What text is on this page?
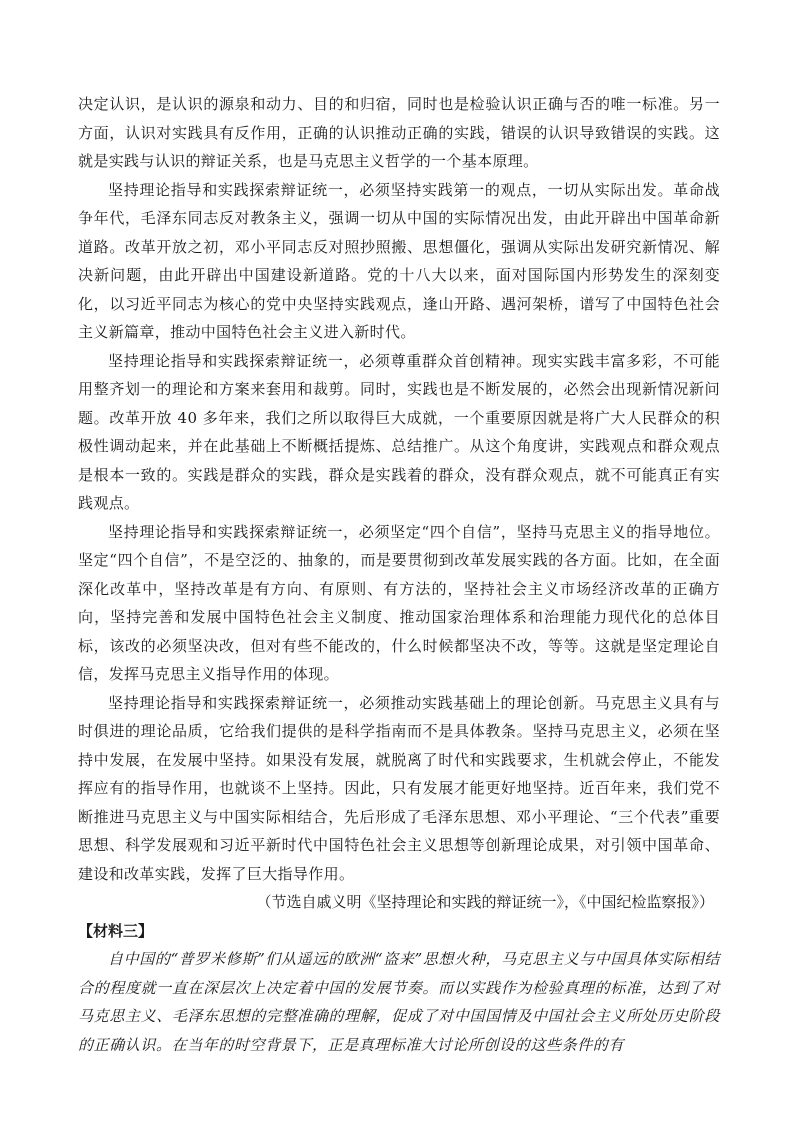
决定认识，是认识的源泉和动力、目的和归宿，同时也是检验认识正确与否的唯一标准。另一方面，认识对实践具有反作用，正确的认识推动正确的实践，错误的认识导致错误的实践。这就是实践与认识的辩证关系，也是马克思主义哲学的一个基本原理。

坚持理论指导和实践探索辩证统一，必须坚持实践第一的观点，一切从实际出发。革命战争年代，毛泽东同志反对教条主义，强调一切从中国的实际情况出发，由此开辟出中国革命新道路。改革开放之初，邓小平同志反对照抄照搬、思想僵化，强调从实际出发研究新情况、解决新问题，由此开辟出中国建设新道路。党的十八大以来，面对国际国内形势发生的深刻变化，以习近平同志为核心的党中央坚持实践观点，逢山开路、遇河架桥，谱写了中国特色社会主义新篇章，推动中国特色社会主义进入新时代。

坚持理论指导和实践探索辩证统一，必须尊重群众首创精神。现实实践丰富多彩，不可能用整齐划一的理论和方案来套用和裁剪。同时，实践也是不断发展的，必然会出现新情况新问题。改革开放 40 多年来，我们之所以取得巨大成就，一个重要原因就是将广大人民群众的积极性调动起来，并在此基础上不断概括提炼、总结推广。从这个角度讲，实践观点和群众观点是根本一致的。实践是群众的实践，群众是实践着的群众，没有群众观点，就不可能真正有实践观点。

坚持理论指导和实践探索辩证统一，必须坚定“四个自信”，坚持马克思主义的指导地位。坚定“四个自信”，不是空泛的、抽象的，而是要贯彻到改革发展实践的各方面。比如，在全面深化改革中，坚持改革是有方向、有原则、有方法的，坚持社会主义市场经济改革的正确方向，坚持完善和发展中国特色社会主义制度、推动国家治理体系和治理能力现代化的总体目标，该改的必须坚决改，但对有些不能改的，什么时候都坚决不改，等等。这就是坚定理论自信，发挥马克思主义指导作用的体现。

坚持理论指导和实践探索辩证统一，必须推动实践基础上的理论创新。马克思主义具有与时俱进的理论品质，它给我们提供的是科学指南而不是具体教条。坚持马克思主义，必须在坚持中发展，在发展中坚持。如果没有发展，就脱离了时代和实践要求，生机就会停止，不能发挥应有的指导作用，也就谈不上坚持。因此，只有发展才能更好地坚持。近百年来，我们党不断推进马克思主义与中国实际相结合，先后形成了毛泽东思想、邓小平理论、“三个代表”重要思想、科学发展观和习近平新时代中国特色社会主义思想等创新理论成果，对引领中国革命、建设和改革实践，发挥了巨大指导作用。

（节选自戚义明《坚持理论和实践的辩证统一》，《中国纪检监察报》）

【材料三】

自中国的“普罗米修斯”们从遥远的欧洲“盗来”思想火种，马克思主义与中国具体实际相结合的程度就一直在深层次上决定着中国的发展节奏。而以实践作为检验真理的标准，达到了对马克思主义、毛泽东思想的完整准确的理解，促成了对中国国情及中国社会主义所处历史阶段的正确认识。在当年的时空背景下，正是真理标准大讨论所创设的这些条件的有
